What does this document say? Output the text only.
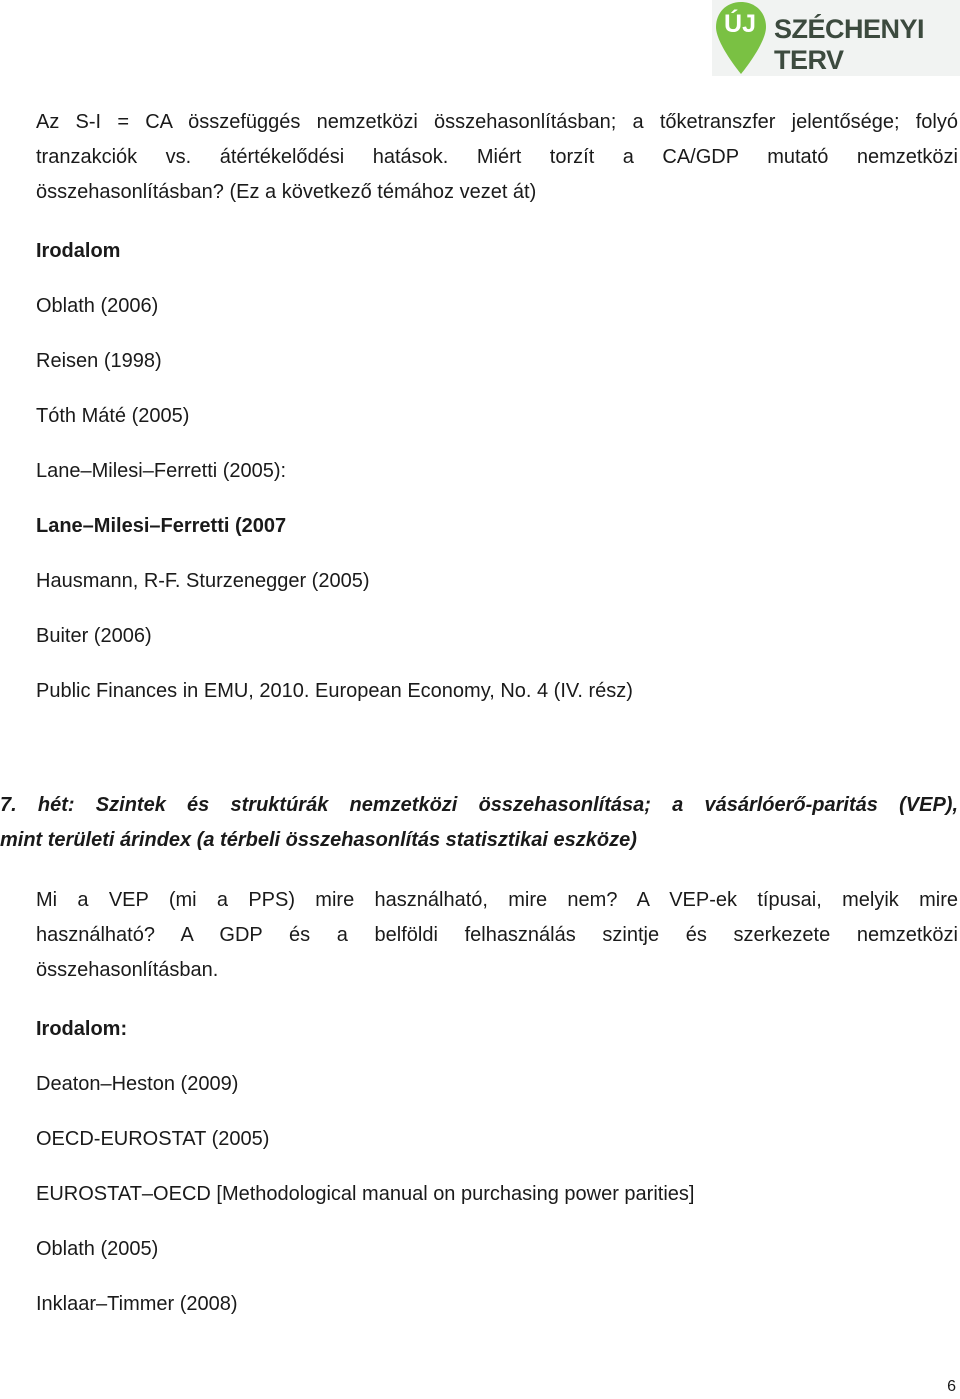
ÚJ SZÉCHENYI TERV
Az S-I = CA összefüggés nemzetközi összehasonlításban; a tőketranszfer jelentősége; folyó
tranzakciók vs. átértékelődési hatások. Miért torzít a CA/GDP mutató nemzetközi
összehasonlításban? (Ez a következő témához vezet át)
Irodalom
Oblath (2006)
Reisen (1998)
Tóth Máté (2005)
Lane–Milesi–Ferretti (2005):
Lane–Milesi–Ferretti (2007
Hausmann, R-F. Sturzenegger (2005)
Buiter (2006)
Public Finances in EMU, 2010. European Economy, No. 4 (IV. rész)
7. hét: Szintek és struktúrák nemzetközi összehasonlítása; a vásárlóerő-paritás (VEP),
mint területi árindex (a térbeli összehasonlítás statisztikai eszköze)
Mi a VEP (mi a PPS) mire használható, mire nem? A VEP-ek típusai, melyik mire
használható? A GDP és a belföldi felhasználás szintje és szerkezete nemzetközi
összehasonlításban.
Irodalom:
Deaton–Heston (2009)
OECD-EUROSTAT (2005)
EUROSTAT–OECD [Methodological manual on purchasing power parities]
Oblath (2005)
Inklaar–Timmer (2008)
6
